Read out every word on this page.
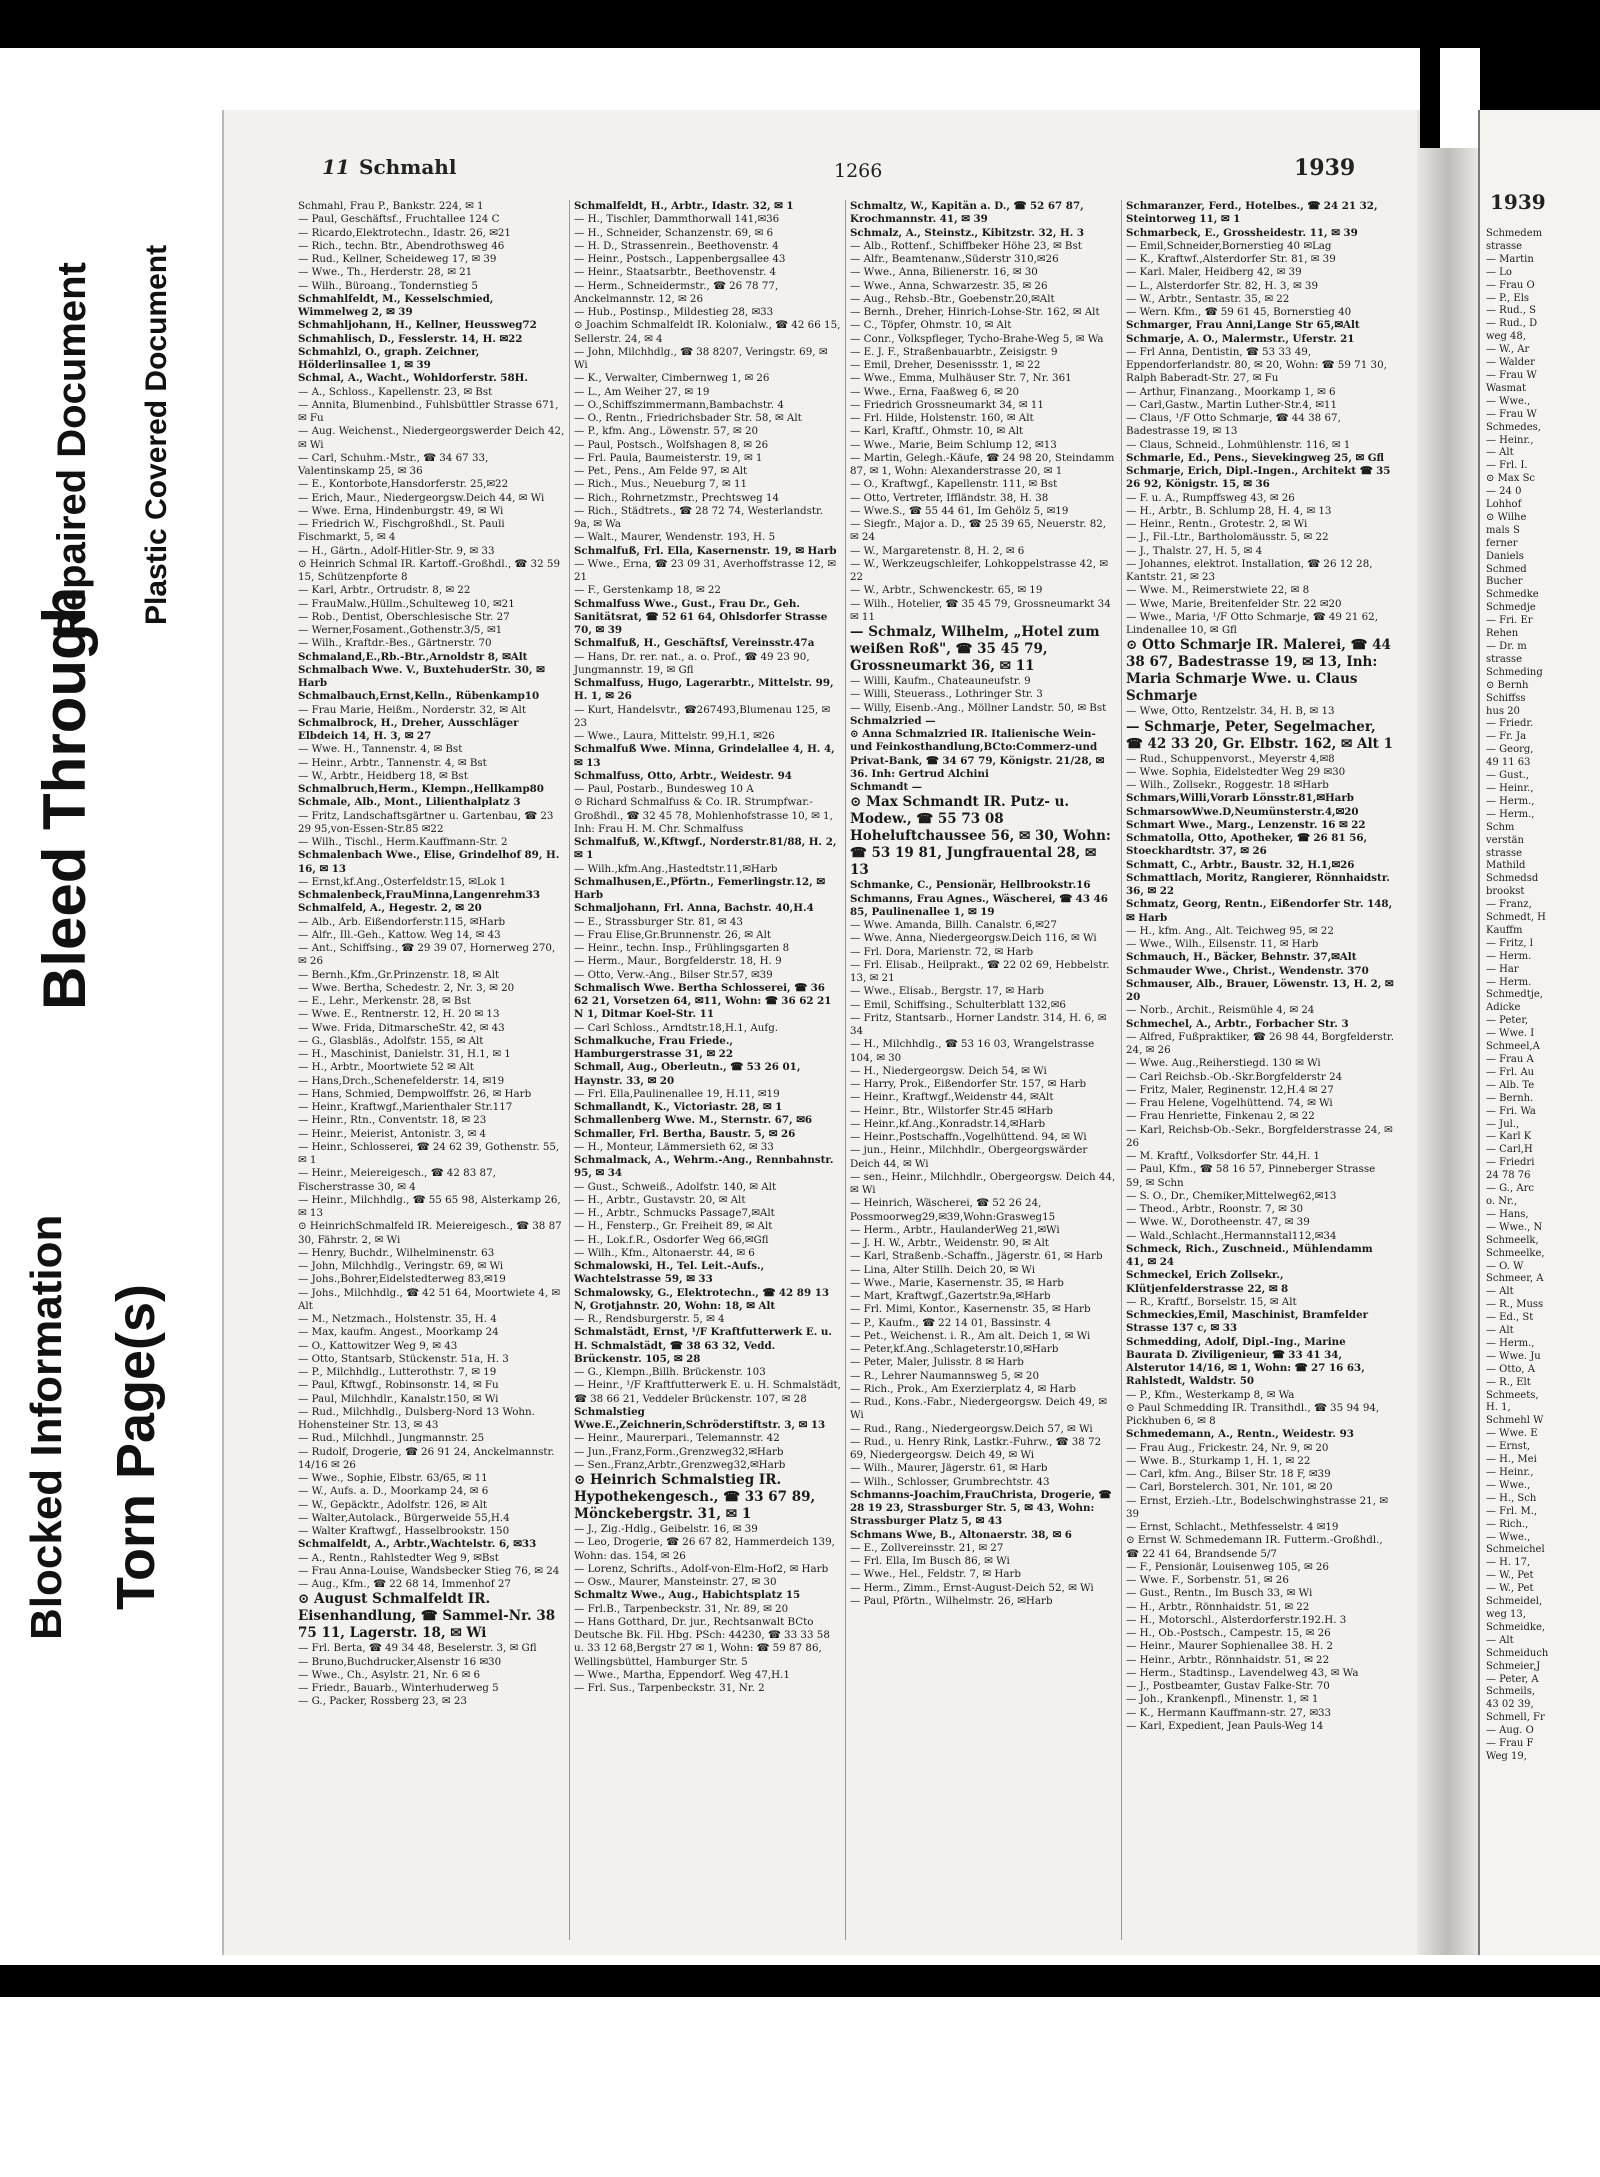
Blocked Information
Bleed Through
Repaired Document Plastic Covered Document
Torn Page(s)
11 Schmahl	1266	1939
Schmahl, Frau P., Bankstr. 224, ✉ 1
— Paul, Geschäftsf., Fruchtallee 124 C
— Ricardo,Elektrotechn., Idastr. 26, ✉21
— Rich., techn. Btr., Abendrothsweg 46
— Rud., Kellner, Scheideweg 17, ✉ 39
— Wwe., Th., Herderstr. 28, ✉ 21
— Wilh., Büroang., Tondernstieg 5
Schmahlfeldt, M., Kesselschmied, Wimmelweg 2, ✉ 39
Schmahljohann, H., Kellner, Heussweg72
Schmahlisch, D., Fesslerstr. 14, H. ✉22
Schmahlzl, O., graph. Zeichner, Hölderlinsallee 1, ✉ 39
Schmal, A., Wacht., Wohldorferstr. 58H.
— A., Schloss., Kapellenstr. 23, ✉ Bst
— Annita, Blumenbind., Fuhlsbüttler Strasse 671, ✉ Fu
— Aug. Weichenst., Niedergeorgswerder Deich 42, ✉ Wi
— Carl, Schuhm.-Mstr., ☎ 34 67 33, Valentinskamp 25, ✉ 36
— E., Kontorbote,Hansdorferstr. 25,✉22
— Erich, Maur., Niedergeorgsw.Deich 44, ✉ Wi
— Wwe. Erna, Hindenburgstr. 49, ✉ Wi
— Friedrich W., Fischgroßhdl., St. Pauli Fischmarkt, 5, ✉ 4
— H., Gärtn., Adolf-Hitler-Str. 9, ✉ 33
⊙ Heinrich Schmal IR. Kartoff.-Großhdl., ☎ 32 59 15, Schützenpforte 8
— Karl, Arbtr., Ortrudstr. 8, ✉ 22
— FrauMalw.,Hüllm.,Schulteweg 10, ✉21
— Rob., Dentist, Oberschlesische Str. 27
— Werner,Fosament.,Gothenstr.3/5, ✉1
— Wilh., Kraftdr.-Bes., Gärtnerstr. 70
Schmaland,E.,Rb.-Btr.,Arnoldstr 8, ✉Alt
Schmalbach Wwe. V., BuxtehuderStr. 30, ✉ Harb
Schmalbauch,Ernst,Kelln., Rübenkamp10
— Frau Marie, Heißm., Norderstr. 32, ✉ Alt
Schmalbrock, H., Dreher, Ausschläger Elbdeich 14, H. 3, ✉ 27
— Wwe. H., Tannenstr. 4, ✉ Bst
— Heinr., Arbtr., Tannenstr. 4, ✉ Bst
— W., Arbtr., Heidberg 18, ✉ Bst
Schmalbruch,Herm., Klempn.,Hellkamp80
Schmale, Alb., Mont., Lilienthalplatz 3
— Fritz, Landschaftsgärtner u. Gartenbau, ☎ 23 29 95,von-Essen-Str.85 ✉22
— Wilh., Tischl., Herm.Kauffmann-Str. 2
Schmalenbach Wwe., Elise, Grindelhof 89, H. 16, ✉ 13
— Ernst,kf.Ang.,Osterfeldstr.15, ✉Lok 1
Schmalenbeck,FrauMinna,Langenrehm33
Schmalfeld, A., Hegestr. 2, ✉ 20
— Alb., Arb. Eißendorferstr.115, ✉Harb
— Alfr., Ill.-Geh., Kattow. Weg 14, ✉ 43
— Ant., Schiffsing., ☎ 29 39 07, Hornerweg 270, ✉ 26
— Bernh.,Kfm.,Gr.Prinzenstr. 18, ✉ Alt
— Wwe. Bertha, Schedestr. 2, Nr. 3, ✉ 20
— E., Lehr., Merkenstr. 28, ✉ Bst
— Wwe. E., Rentnerstr. 12, H. 20 ✉ 13
— Wwe. Frida, DitmarscheStr. 42, ✉ 43
— G., Glasbläs., Adolfstr. 155, ✉ Alt
— H., Maschinist, Danielstr. 31, H.1, ✉ 1
— H., Arbtr., Moortwiete 52 ✉ Alt
— Hans,Drch.,Schenefelderstr. 14, ✉19
— Hans, Schmied, Dempwolffstr. 26, ✉ Harb
— Heinr., Kraftwgf.,Marienthaler Str.117
— Heinr., Rtn., Conventstr. 18, ✉ 23
— Heinr., Meierist, Antonistr. 3, ✉ 4
— Heinr., Schlosserei, ☎ 24 62 39, Gothenstr. 55, ✉ 1
— Heinr., Meiereigesch., ☎ 42 83 87, Fischerstrasse 30, ✉ 4
— Heinr., Milchhdlg., ☎ 55 65 98, Alsterkamp 26, ✉ 13
⊙ HeinrichSchmalfeld IR. Meiereigesch., ☎ 38 87 30, Fährstr. 2, ✉ Wi
— Henry, Buchdr., Wilhelminenstr. 63
— John, Milchhdlg., Veringstr. 69, ✉ Wi
— Johs.,Bohrer,Eidelstedterweg 83,✉19
— Johs., Milchhdlg., ☎ 42 51 64, Moortwiete 4, ✉ Alt
— M., Netzmach., Holstenstr. 35, H. 4
— Max, kaufm. Angest., Moorkamp 24
— O., Kattowitzer Weg 9, ✉ 43
— Otto, Stantsarb, Stückenstr. 51a, H. 3
— P., Milchhdlg., Lutterothstr. 7, ✉ 19
— Paul, Kftwgf., Robinsonstr. 14, ✉ Fu
— Paul, Milchhdlr., Kanalstr.150, ✉ Wi
— Rud., Milchhdlg., Dulsberg-Nord 13 Wohn. Hohensteiner Str. 13, ✉ 43
— Rud., Milchhdl., Jungmannstr. 25
— Rudolf, Drogerie, ☎ 26 91 24, Anckelmannstr. 14/16 ✉ 26
— Wwe., Sophie, Elbstr. 63/65, ✉ 11
— W., Aufs. a. D., Moorkamp 24, ✉ 6
— W., Gepäcktr., Adolfstr. 126, ✉ Alt
— Walter,Autolack., Bürgerweide 55,H.4
— Walter Kraftwgf., Hasselbrookstr. 150
Schmalfeldt, A., Arbtr.,Wachtelstr. 6, ✉33
— A., Rentn., Rahlstedter Weg 9, ✉Bst
— Frau Anna-Louise, Wandsbecker Stieg 76, ✉ 24
— Aug., Kfm., ☎ 22 68 14, Immenhof 27
⊙ August Schmalfeldt IR. Eisenhandlung, ☎ Sammel-Nr. 38 75 11, Lagerstr. 18, ✉ Wi
— Frl. Berta, ☎ 49 34 48, Beselerstr. 3, ✉ Gfl
— Bruno,Buchdrucker,Alsenstr 16 ✉30
— Wwe., Ch., Asylstr. 21, Nr. 6 ✉ 6
— Friedr., Bauarb., Winterhuderweg 5
— G., Packer, Rossberg 23, ✉ 23
Schmalfeldt, H., Arbtr., Idastr. 32, ✉ 1
— H., Tischler, Dammthorwall 141,✉36
— H., Schneider, Schanzenstr. 69, ✉ 6
— H. D., Strassenrein., Beethovenstr. 4
— Heinr., Postsch., Lappenbergsallee 43
— Heinr., Staatsarbtr., Beethovenstr. 4
— Herm., Schneidermstr., ☎ 26 78 77, Anckelmannstr. 12, ✉ 26
— Hub., Postinsp., Mildestieg 28, ✉33
⊙ Joachim Schmalfeldt IR. Kolonialw., ☎ 42 66 15, Sellerstr. 24, ✉ 4
— John, Milchhdlg., ☎ 38 8207, Veringstr. 69, ✉ Wi
— K., Verwalter, Cimbernweg 1, ✉ 26
— L., Am Weiher 27, ✉ 19
— O.,Schiffszimmermann,Bambachstr. 4
— O., Rentn., Friedrichsbader Str. 58, ✉ Alt
— P., kfm. Ang., Löwenstr. 57, ✉ 20
— Paul, Postsch., Wolfshagen 8, ✉ 26
— Frl. Paula, Baumeisterstr. 19, ✉ 1
— Pet., Pens., Am Felde 97, ✉ Alt
— Rich., Mus., Neueburg 7, ✉ 11
— Rich., Rohrnetzmstr., Prechtsweg 14
— Rich., Städtrets., ☎ 28 72 74, Westerlandstr. 9a, ✉ Wa
— Walt., Maurer, Wendenstr. 193, H. 5
Schmalfuß, Frl. Ella, Kasernenstr. 19, ✉ Harb
— Wwe., Erna, ☎ 23 09 31, Averhoffstrasse 12, ✉ 21
— F., Gerstenkamp 18, ✉ 22
Schmalfuss Wwe., Gust., Frau Dr., Geh. Sanitätsrat, ☎ 52 61 64, Ohlsdorfer Strasse 70, ✉ 39
Schmalfuß, H., Geschäftsf, Vereinsstr.47a
— Hans, Dr. rer. nat., a. o. Prof., ☎ 49 23 90, Jungmannstr. 19, ✉ Gfl
Schmalfuss, Hugo, Lagerarbtr., Mittelstr. 99, H. 1, ✉ 26
— Kurt, Handelsvtr., ☎267493,Blumenau 125, ✉ 23
— Wwe., Laura, Mittelstr. 99,H.1, ✉26
Schmalfuß Wwe. Minna, Grindelallee 4, H. 4, ✉ 13
Schmalfuss, Otto, Arbtr., Weidestr. 94
— Paul, Postarb., Bundesweg 10 A
⊙ Richard Schmalfuss & Co. IR. Strumpfwar.-Großhdl., ☎ 32 45 78, Mohlenhofstrasse 10, ✉ 1, Inh: Frau H. M. Chr. Schmalfuss
Schmalfuß, W.,Kftwgf., Norderstr.81/88, H. 2, ✉ 1
— Wilh.,kfm.Ang.,Hastedtstr.11,✉Harb
Schmalhusen,E.,Pförtn., Femerlingstr.12, ✉ Harb
Schmaljohann, Frl. Anna, Bachstr. 40,H.4
— E., Strassburger Str. 81, ✉ 43
— Frau Elise,Gr.Brunnenstr. 26, ✉ Alt
— Heinr., techn. Insp., Frühlingsgarten 8
— Herm., Maur., Borgfelderstr. 18, H. 9
— Otto, Verw.-Ang., Bilser Str.57, ✉39
Schmalisch Wwe. Bertha Schlosserei, ☎ 36 62 21, Vorsetzen 64, ✉11, Wohn: ☎ 36 62 21 N 1, Ditmar Koel-Str. 11
— Carl Schloss., Arndtstr.18,H.1, Aufg.
Schmalkuche, Frau Friede., Hamburgerstrasse 31, ✉ 22
Schmall, Aug., Oberleutn., ☎ 53 26 01, Haynstr. 33, ✉ 20
— Frl. Ella,Paulinenallee 19, H.11, ✉19
Schmallandt, K., Victoriastr. 28, ✉ 1
Schmallenberg Wwe. M., Sternstr. 67, ✉6
Schmaller, Frl. Bertha, Baustr. 5, ✉ 26
— H., Monteur, Lämmersieth 62, ✉ 33
Schmalmack, A., Wehrm.-Ang., Rennbahnstr. 95, ✉ 34
— Gust., Schweiß., Adolfstr. 140, ✉ Alt
— H., Arbtr., Gustavstr. 20, ✉ Alt
— H., Arbtr., Schmucks Passage7,✉Alt
— H., Fensterp., Gr. Freiheit 89, ✉ Alt
— H., Lok.f.R., Osdorfer Weg 66,✉Gfl
— Wilh., Kfm., Altonaerstr. 44, ✉ 6
Schmalowski, H., Tel. Leit.-Aufs., Wachtelstrasse 59, ✉ 33
Schmalowsky, G., Elektrotechn., ☎ 42 89 13 N, Grotjahnstr. 20, Wohn: 18, ✉ Alt
— R., Rendsburgerstr. 5, ✉ 4
Schmalstädt, Ernst, ¹/F Kraftfutterwerk E. u. H. Schmalstädt, ☎ 38 63 32, Vedd. Brückenstr. 105, ✉ 28
— G., Klempn.,Billh. Brückenstr. 103
— Heinr., ¹/F Kraftfutterwerk E. u. H. Schmalstädt, ☎ 38 66 21, Veddeler Brückenstr. 107, ✉ 28
Schmalstieg Wwe.E.,Zeichnerin,Schröderstiftstr. 3, ✉ 13
— Heinr., Maurerpari., Telemannstr. 42
— Jun.,Franz,Form.,Grenzweg32,✉Harb
— Sen.,Franz,Arbtr.,Grenzweg32,✉Harb
⊙ Heinrich Schmalstieg IR. Hypothekengesch., ☎ 33 67 89, Mönckebergstr. 31, ✉ 1
— J., Zig.-Hdlg., Geibelstr. 16, ✉ 39
— Leo, Drogerie, ☎ 26 67 82, Hammerdeich 139, Wohn: das. 154, ✉ 26
— Lorenz, Schrifts., Adolf-von-Elm-Hof2, ✉ Harb
— Osw., Maurer, Mansteinstr. 27, ✉ 30
Schmaltz Wwe., Aug., Habichtsplatz 15
— Frl.B., Tarpenbeckstr. 31, Nr. 89, ✉ 20
— Hans Gotthard, Dr. jur., Rechtsanwalt BCto Deutsche Bk. Fil. Hbg. PSch: 44230, ☎ 33 33 58 u. 33 12 68,Bergstr 27 ✉ 1, Wohn: ☎ 59 87 86, Wellingsbüttel, Hamburger Str. 5
— Wwe., Martha, Eppendorf. Weg 47,H.1
— Frl. Sus., Tarpenbeckstr. 31, Nr. 2
Schmaltz, W., Kapitän a. D., ☎ 52 67 87, Krochmannstr. 41, ✉ 39
Schmalz, A., Steinstz., Kibitzstr. 32, H. 3
— Alb., Rottenf., Schiffbeker Höhe 23, ✉ Bst
— Alfr., Beamtenanw.,Süderstr 310,✉26
— Wwe., Anna, Bilienerstr. 16, ✉ 30
— Wwe., Anna, Schwarzestr. 35, ✉ 26
— Aug., Rehsb.-Btr., Goebenstr.20,✉Alt
— Bernh., Dreher, Hinrich-Lohse-Str. 162, ✉ Alt
— C., Töpfer, Ohmstr. 10, ✉ Alt
— Conr., Volkspfleger, Tycho-Brahe-Weg 5, ✉ Wa
— E. J. F., Straßenbauarbtr., Zeisigstr. 9
— Emil, Dreher, Desenissstr. 1, ✉ 22
— Wwe., Emma, Mulhäuser Str. 7, Nr. 361
— Wwe., Erna, Faaßweg 6, ✉ 20
— Friedrich Grossneumarkt 34, ✉ 11
— Frl. Hilde, Holstenstr. 160, ✉ Alt
— Karl, Kraftf., Ohmstr. 10, ✉ Alt
— Wwe., Marie, Beim Schlump 12, ✉13
— Martin, Gelegh.-Käufe, ☎ 24 98 20, Steindamm 87, ✉ 1, Wohn: Alexanderstrasse 20, ✉ 1
— O., Kraftwgf., Kapellenstr. 111, ✉ Bst
— Otto, Vertreter, Iffländstr. 38, H. 38
— Wwe.S., ☎ 55 44 61, Im Gehölz 5, ✉19
— Siegfr., Major a. D., ☎ 25 39 65, Neuerstr. 82, ✉ 24
— W., Margaretenstr. 8, H. 2, ✉ 6
— W., Werkzeugschleifer, Lohkoppelstrasse 42, ✉ 22
— W., Arbtr., Schwenckestr. 65, ✉ 19
— Wilh., Hotelier, ☎ 35 45 79, Grossneumarkt 34 ✉ 11
— Schmalz, Wilhelm, „Hotel zum weißen Roß", ☎ 35 45 79, Grossneumarkt 36, ✉ 11
— Willi, Kaufm., Chateauneufstr. 9
— Willi, Steuerass., Lothringer Str. 3
— Willy, Eisenb.-Ang., Möllner Landstr. 50, ✉ Bst
Schmalzried —
⊙ Anna Schmalzried IR. Italienische Wein- und Feinkosthandlung,BCto:Commerz-und Privat-Bank, ☎ 34 67 79, Königstr. 21/28, ✉ 36. Inh: Gertrud Alchini
Schmandt —
⊙ Max Schmandt IR. Putz- u. Modew., ☎ 55 73 08 Hoheluftchaussee 56, ✉ 30, Wohn: ☎ 53 19 81, Jungfrauental 28, ✉ 13
Schmanke, C., Pensionär, Hellbrookstr.16
Schmanns, Frau Agnes., Wäscherei, ☎ 43 46 85, Paulinenallee 1, ✉ 19
— Wwe. Amanda, Billh. Canalstr. 6,✉27
— Wwe. Anna, Niedergeorgsw.Deich 116, ✉ Wi
— Frl. Dora, Marienstr. 72, ✉ Harb
— Frl. Elisab., Heilprakt., ☎ 22 02 69, Hebbelstr. 13, ✉ 21
— Wwe., Elisab., Bergstr. 17, ✉ Harb
— Emil, Schiffsing., Schulterblatt 132,✉6
— Fritz, Stantsarb., Horner Landstr. 314, H. 6, ✉ 34
— H., Milchhdlg., ☎ 53 16 03, Wrangelstrasse 104, ✉ 30
— H., Niedergeorgsw. Deich 54, ✉ Wi
— Harry, Prok., Eißendorfer Str. 157, ✉ Harb
— Heinr., Kraftwgf.,Weidenstr 44, ✉Alt
— Heinr., Btr., Wilstorfer Str.45 ✉Harb
— Heinr.,kf.Ang.,Konradstr.14,✉Harb
— Heinr.,Postschaffn.,Vogelhüttend. 94, ✉ Wi
— jun., Heinr., Milchhdlr., Obergeorgswärder Deich 44, ✉ Wi
— sen., Heinr., Milchhdlr., Obergeorgsw. Deich 44, ✉ Wi
— Heinrich, Wäscherei, ☎ 52 26 24, Possmoorweg29,✉39,Wohn:Grasweg15
— Herm., Arbtr., HaulanderWeg 21,✉Wi
— J. H. W., Arbtr., Weidenstr. 90, ✉ Alt
— Karl, Straßenb.-Schaffn., Jägerstr. 61, ✉ Harb
— Lina, Alter Stillh. Deich 20, ✉ Wi
— Wwe., Marie, Kasernenstr. 35, ✉ Harb
— Mart, Kraftwgf.,Gazertstr.9a,✉Harb
— Frl. Mimi, Kontor., Kasernenstr. 35, ✉ Harb
— P., Kaufm., ☎ 22 14 01, Bassinstr. 4
— Pet., Weichenst. i. R., Am alt. Deich 1, ✉ Wi
— Peter,kf.Ang.,Schlageterstr.10,✉Harb
— Peter, Maler, Julisstr. 8 ✉ Harb
— R., Lehrer Naumannsweg 5, ✉ 20
— Rich., Prok., Am Exerzierplatz 4, ✉ Harb
— Rud., Kons.-Fabr., Niedergeorgsw. Deich 49, ✉ Wi
— Rud., Rang., Niedergeorgsw.Deich 57, ✉ Wi
— Rud., u. Henry Rink, Lastkr.-Fuhrw., ☎ 38 72 69, Niedergeorgsw. Deich 49, ✉ Wi
— Wilh., Maurer, Jägerstr. 61, ✉ Harb
— Wilh., Schlosser, Grumbrechtstr. 43
Schmanns-Joachim,FrauChrista, Drogerie, ☎ 28 19 23, Strassburger Str. 5, ✉ 43, Wohn: Strassburger Platz 5, ✉ 43
Schmans Wwe, B., Altonaerstr. 38, ✉ 6
— E., Zollvereinsstr. 21, ✉ 27
— Frl. Ella, Im Busch 86, ✉ Wi
— Wwe., Hel., Feldstr. 7, ✉ Harb
— Herm., Zimm., Ernst-August-Deich 52, ✉ Wi
— Paul, Pförtn., Wilhelmstr. 26, ✉Harb
Schmaranzer, Ferd., Hotelbes., ☎ 24 21 32, Steintorweg 11, ✉ 1
Schmarbeck, E., Grossheidestr. 11, ✉ 39
— Emil,Schneider,Bornerstieg 40 ✉Lag
— K., Kraftwf.,Alsterdorfer Str. 81, ✉ 39
— Karl. Maler, Heidberg 42, ✉ 39
— L., Alsterdorfer Str. 82, H. 3, ✉ 39
— W., Arbtr., Sentastr. 35, ✉ 22
— Wern. Kfm., ☎ 59 61 45, Bornerstieg 40
Schmarger, Frau Anni,Lange Str 65,✉Alt
Schmarje, A. O., Malermstr., Uferstr. 21
— Frl Anna, Dentistin, ☎ 53 33 49, Eppendorferlandstr. 80, ✉ 20, Wohn: ☎ 59 71 30, Ralph Baberadt-Str. 27, ✉ Fu
— Arthur, Finanzang., Moorkamp 1, ✉ 6
— Carl,Gastw., Martin Luther-Str.4, ✉11
— Claus, ¹/F Otto Schmarje, ☎ 44 38 67, Badestrasse 19, ✉ 13
— Claus, Schneid., Lohmühlenstr. 116, ✉ 1
Schmarle, Ed., Pens., Sievekingweg 25, ✉ Gfl
Schmarje, Erich, Dipl.-Ingen., Architekt ☎ 35 26 92, Königstr. 15, ✉ 36
— F. u. A., Rumpffsweg 43, ✉ 26
— H., Arbtr., B. Schlump 28, H. 4, ✉ 13
— Heinr., Rentn., Grotestr. 2, ✉ Wi
— J., Fil.-Ltr., Bartholomäusstr. 5, ✉ 22
— J., Thalstr. 27, H. 5, ✉ 4
— Johannes, elektrot. Installation, ☎ 26 12 28, Kantstr. 21, ✉ 23
— Wwe. M., Reimerstwiete 22, ✉ 8
— Wwe, Marie, Breitenfelder Str. 22 ✉20
— Wwe., Maria, ¹/F Otto Schmarje, ☎ 49 21 62, Lindenallee 10, ✉ Gfl
⊙ Otto Schmarje IR. Malerei, ☎ 44 38 67, Badestrasse 19, ✉ 13, Inh: Maria Schmarje Wwe. u. Claus Schmarje
— Wwe, Otto, Rentzelstr. 34, H. B, ✉ 13
— Schmarje, Peter, Segelmacher, ☎ 42 33 20, Gr. Elbstr. 162, ✉ Alt 1
— Rud., Schuppenvorst., Meyerstr 4,✉8
— Wwe. Sophia, Eidelstedter Weg 29 ✉30
— Wilh., Zollsekr., Roggestr. 18 ✉Harb
Schmars,Willi,Vorarb Lönsstr.81,✉Harb
SchmarsowWwe.D,Neumünsterstr.4,✉20
Schmart Wwe., Marg., Lenzenstr. 16 ✉ 22
Schmatolla, Otto, Apotheker, ☎ 26 81 56, Stoeckhardtstr. 37, ✉ 26
Schmatt, C., Arbtr., Baustr. 32, H.1,✉26
Schmattlach, Moritz, Rangierer, Rönnhaidstr. 36, ✉ 22
Schmatz, Georg, Rentn., Eißendorfer Str. 148, ✉ Harb
— H., kfm. Ang., Alt. Teichweg 95, ✉ 22
— Wwe., Wilh., Eilsenstr. 11, ✉ Harb
Schmauch, H., Bäcker, Behnstr. 37,✉Alt
Schmauder Wwe., Christ., Wendenstr. 370
Schmauser, Alb., Brauer, Löwenstr. 13, H. 2, ✉ 20
— Norb., Archit., Reismühle 4, ✉ 24
Schmechel, A., Arbtr., Forbacher Str. 3
— Alfred, Fußpraktiker, ☎ 26 98 44, Borgfelderstr. 24, ✉ 26
— Wwe. Aug.,Reiherstiegd. 130 ✉ Wi
— Carl Reichsb.-Ob.-Skr.Borgfelderstr 24
— Fritz, Maler, Reginenstr. 12,H.4 ✉ 27
— Frau Helene, Vogelhüttend. 74, ✉ Wi
— Frau Henriette, Finkenau 2, ✉ 22
— Karl, Reichsb-Ob.-Sekr., Borgfelderstrasse 24, ✉ 26
— M. Kraftf., Volksdorfer Str. 44,H. 1
— Paul, Kfm., ☎ 58 16 57, Pinneberger Strasse 59, ✉ Schn
— S. O., Dr., Chemiker,Mittelweg62,✉13
— Theod., Arbtr., Roonstr. 7, ✉ 30
— Wwe. W., Dorotheenstr. 47, ✉ 39
— Wald.,Schlacht.,Hermannstal112,✉34
Schmeck, Rich., Zuschneid., Mühlendamm 41, ✉ 24
Schmeckel, Erich Zollsekr., Klütjenfelderstrasse 22, ✉ 8
— R., Kraftf., Borselstr. 15, ✉ Alt
Schmeckies,Emil, Maschinist, Bramfelder Strasse 137 c, ✉ 33
Schmedding, Adolf, Dipl.-Ing., Marine Baurata D. Ziviligenieur, ☎ 33 41 34, Alsterutor 14/16, ✉ 1, Wohn: ☎ 27 16 63, Rahlstedt, Waldstr. 50
— P., Kfm., Westerkamp 8, ✉ Wa
⊙ Paul Schmedding IR. Transithdl., ☎ 35 94 94, Pickhuben 6, ✉ 8
Schmedemann, A., Rentn., Weidestr. 93
— Frau Aug., Frickestr. 24, Nr. 9, ✉ 20
— Wwe. B., Sturkamp 1, H. 1, ✉ 22
— Carl, kfm. Ang., Bilser Str. 18 F, ✉39
— Carl, Borstelerch. 301, Nr. 101, ✉ 20
— Ernst, Erzieh.-Ltr., Bodelschwinghstrasse 21, ✉ 39
— Ernst, Schlacht., Methfesselstr. 4 ✉19
⊙ Ernst W. Schmedemann IR. Futterm.-Großhdl., ☎ 22 41 64, Brandsende 5/7
— F., Pensionär, Louisenweg 105, ✉ 26
— Wwe. F., Sorbenstr. 51, ✉ 26
— Gust., Rentn., Im Busch 33, ✉ Wi
— H., Arbtr., Rönnhaidstr. 51, ✉ 22
— H., Motorschl., Alsterdorferstr.192.H. 3
— H., Ob.-Postsch., Campestr. 15, ✉ 26
— Heinr., Maurer Sophienallee 38. H. 2
— Heinr., Arbtr., Rönnhaidstr. 51, ✉ 22
— Herm., Stadtinsp., Lavendelweg 43, ✉ Wa
— J., Postbeamter, Gustav Falke-Str. 70
— Joh., Krankenpfl., Minenstr. 1, ✉ 1
— K., Hermann Kauffmann-str. 27, ✉33
— Karl, Expedient, Jean Pauls-Weg 14
1939
Schmedem
strasse
— Martin
— Lo
— Frau O
— P., Els
— Rud., S
— Rud., D
weg 48,
— W., Ar
— Walder
— Frau W
Wasmat
— Wwe.,
— Frau W
Schmedes,
— Heinr.,
— Alt
— Frl. I.
⊙ Max Sc
— 24 0
Lohhof
⊙ Wilhe
mals S
ferner
Daniels
Schmed
Bucher
Schmedke
Schmedje
— Fri. Er
Rehen
— Dr. m
strasse
Schmeding
⊙ Bernh
Schiffss
hus 20
— Friedr.
— Fr. Ja
— Georg,
49 11 63
— Gust.,
— Heinr.,
— Herm.,
— Herm.,
Schm
verstän
strasse
Mathild
Schmedsd
brookst
— Franz,
Schmedt, H
Kauffm
— Fritz, l
— Herm.
— Har
— Herm.
Schmedtje,
Adicke
— Peter,
— Wwe. I
Schmeel,A
— Frau A
— Frl. Au
— Alb. Te
— Bernh.
— Fri. Wa
— Jul.,
— Karl K
— Carl,H
— Friedri
24 78 76
— G., Arc
o. Nr.,
— Hans,
— Wwe., N
Schmeelk,
Schmeelke,
— O. W
Schmeer, A
— Alt
— R., Muss
— Ed., St
— Alt
— Herm.,
— Wwe. Ju
— Otto, A
— R., Elt
Schmeets,
H. 1,
Schmehl W
— Wwe. E
— Ernst,
— H., Mei
— Heinr.,
— Wwe.,
— H., Sch
— Frl. M.,
— Rich.,
— Wwe.,
Schmeichel
— H. 17,
— W., Pet
— W., Pet
Schmeidel,
weg 13,
Schmeidke,
— Alt
Schmeiduch
Schmeier,J
— Peter, A
Schmeils,
43 02 39,
Schmell, Fr
— Aug. O
— Frau F
Weg 19,
